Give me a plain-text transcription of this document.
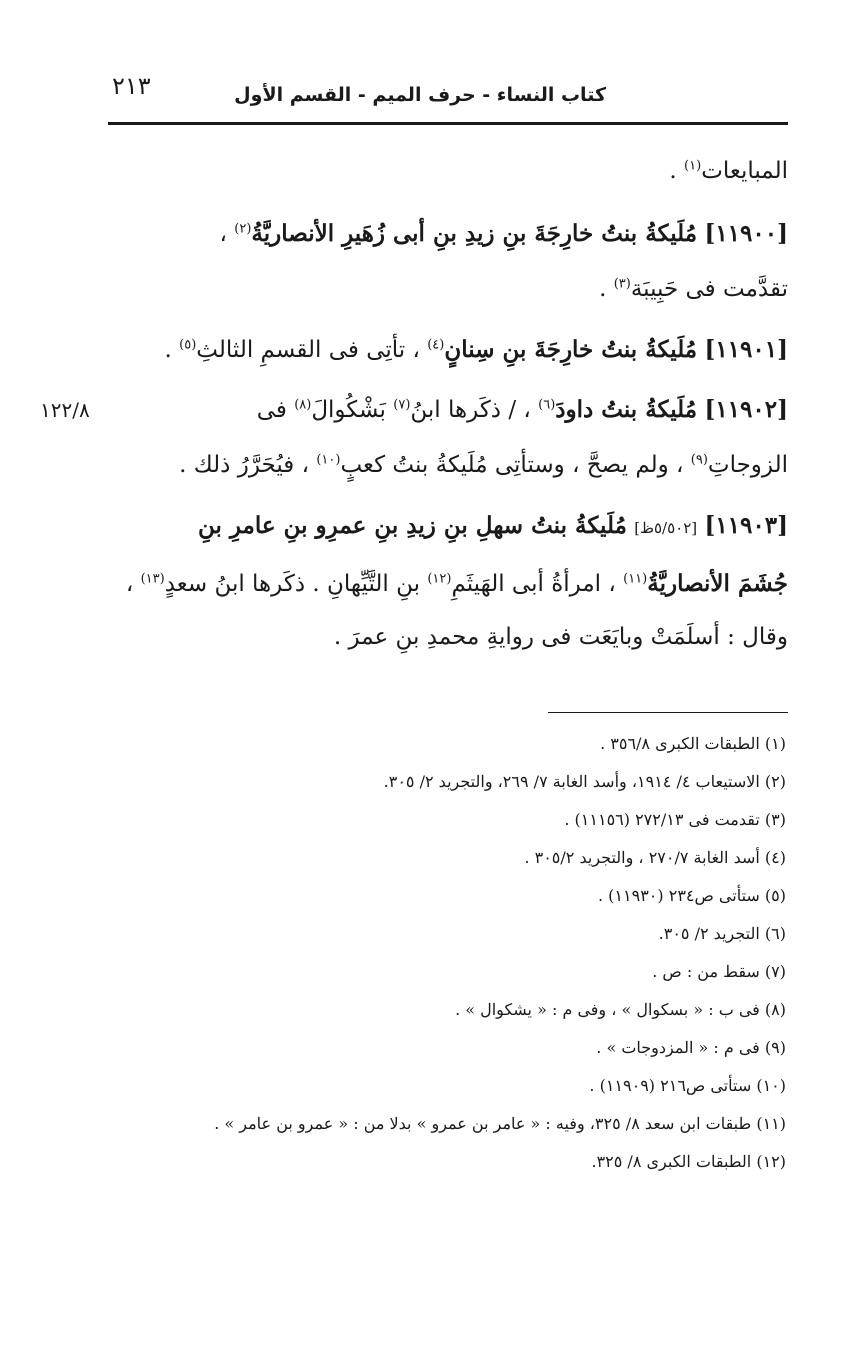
كتاب النساء - حرف الميم - القسم الأول
٢١٣
المبايعات$^{(١)}$ .
[١١٩٠٠] مُلَيكةُ بنتُ خارِجَةَ بنِ زيدِ بنِ أبى زُهَيرِ الأنصاريَّةُ$^{(٢)}$ ،
تقدَّمت فى حَبِيبَة$^{(٣)}$ .
[١١٩٠١] مُلَيكةُ بنتُ خارِجَةَ بنِ سِنانٍ$^{(٤)}$ ، تأتِى فى القسمِ الثالثِ$^{(٥)}$ .
[١١٩٠٢] مُلَيكةُ بنتُ داودَ$^{(٦)}$ ، / ذكَرها ابنُ$^{(٧)}$ بَشْكُوالَ$^{(٨)}$ فى
١٢٢/٨
الزوجاتِ$^{(٩)}$ ، ولم يصحَّ ، وستأتِى مُلَيكةُ بنتُ كعبٍ$^{(١٠)}$ ، فيُحَرَّرُ ذلك .
[١١٩٠٣] [٥/٥٠٢ظ] مُلَيكةُ بنتُ سهلِ بنِ زيدِ بنِ عمرِو بنِ عامرِ بنِ
جُشَمَ الأنصاريَّةُ$^{(١١)}$ ، امرأةُ أبى الهَيثَمِ$^{(١٢)}$ بنِ التَّيِّهانِ . ذكَرها ابنُ سعدٍ$^{(١٣)}$ ،
وقال : أسلَمَتْ وبايَعَت فى روايةِ محمدِ بنِ عمرَ .
(١) الطبقات الكبرى ٣٥٦/٨ .
(٢) الاستيعاب ٤/ ١٩١٤، وأسد الغابة ٧/ ٢٦٩، والتجريد ٢/ ٣٠٥.
(٣) تقدمت فى ٢٧٢/١٣ (١١١٥٦) .
(٤) أسد الغابة ٢٧٠/٧ ، والتجريد ٣٠٥/٢ .
(٥) ستأتى ص٢٣٤ (١١٩٣٠) .
(٦) التجريد ٢/ ٣٠٥.
(٧) سقط من : ص .
(٨) فى ب : « بسكوال » ، وفى م : « يشكوال » .
(٩) فى م : « المزدوجات » .
(١٠) ستأتى ص٢١٦ (١١٩٠٩) .
(١١) طبقات ابن سعد ٨/ ٣٢٥، وفيه : « عامر بن عمرو » بدلا من : « عمرو بن عامر » .
(١٢) الطبقات الكبرى ٨/ ٣٢٥.
